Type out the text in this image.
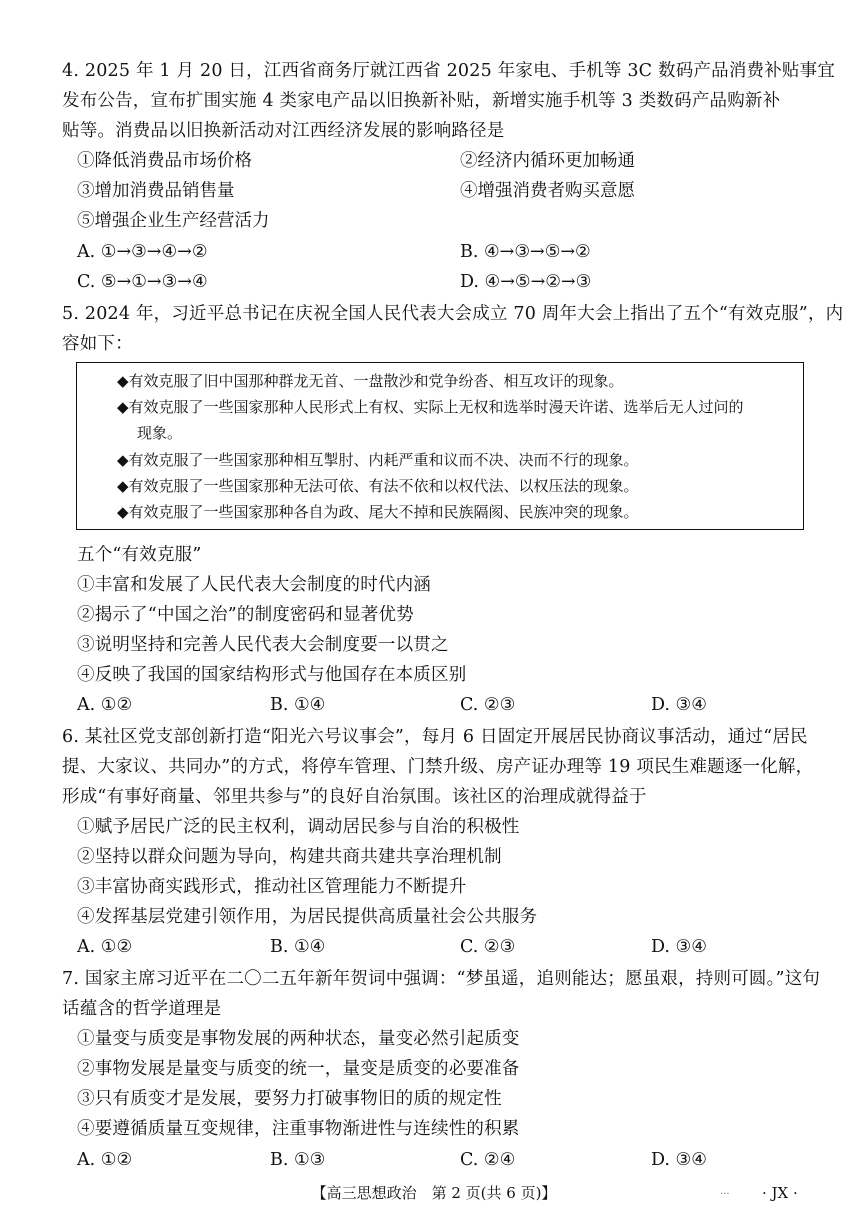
4. 2025 年 1 月 20 日，江西省商务厅就江西省 2025 年家电、手机等 3C 数码产品消费补贴事宜
发布公告，宣布扩围实施 4 类家电产品以旧换新补贴，新增实施手机等 3 类数码产品购新补
贴等。消费品以旧换新活动对江西经济发展的影响路径是
①降低消费品市场价格	②经济内循环更加畅通
③增加消费品销售量	④增强消费者购买意愿
⑤增强企业生产经营活力
A. ①→③→④→②	B. ④→③→⑤→②
C. ⑤→①→③→④	D. ④→⑤→②→③
5. 2024 年，习近平总书记在庆祝全国人民代表大会成立 70 周年大会上指出了五个“有效克服”，内
容如下：
◆有效克服了旧中国那种群龙无首、一盘散沙和党争纷沓、相互攻讦的现象。
◆有效克服了一些国家那种人民形式上有权、实际上无权和选举时漫天许诺、选举后无人过问的
现象。
◆有效克服了一些国家那种相互掣肘、内耗严重和议而不决、决而不行的现象。
◆有效克服了一些国家那种无法可依、有法不依和以权代法、以权压法的现象。
◆有效克服了一些国家那种各自为政、尾大不掉和民族隔阂、民族冲突的现象。
五个“有效克服”
①丰富和发展了人民代表大会制度的时代内涵
②揭示了“中国之治”的制度密码和显著优势
③说明坚持和完善人民代表大会制度要一以贯之
④反映了我国的国家结构形式与他国存在本质区别
A. ①②	B. ①④	C. ②③	D. ③④
6. 某社区党支部创新打造“阳光六号议事会”，每月 6 日固定开展居民协商议事活动，通过“居民
提、大家议、共同办”的方式，将停车管理、门禁升级、房产证办理等 19 项民生难题逐一化解，
形成“有事好商量、邻里共参与”的良好自治氛围。该社区的治理成就得益于
①赋予居民广泛的民主权利，调动居民参与自治的积极性
②坚持以群众问题为导向，构建共商共建共享治理机制
③丰富协商实践形式，推动社区管理能力不断提升
④发挥基层党建引领作用，为居民提供高质量社会公共服务
A. ①②	B. ①④	C. ②③	D. ③④
7. 国家主席习近平在二〇二五年新年贺词中强调：“梦虽遥，追则能达；愿虽艰，持则可圆。”这句
话蕴含的哲学道理是
①量变与质变是事物发展的两种状态，量变必然引起质变
②事物发展是量变与质变的统一，量变是质变的必要准备
③只有质变才是发展，要努力打破事物旧的质的规定性
④要遵循质量互变规律，注重事物渐进性与连续性的积累
A. ①②	B. ①③	C. ②④	D. ③④
【高三思想政治　第 2 页(共 6 页)】	... · JX ·
